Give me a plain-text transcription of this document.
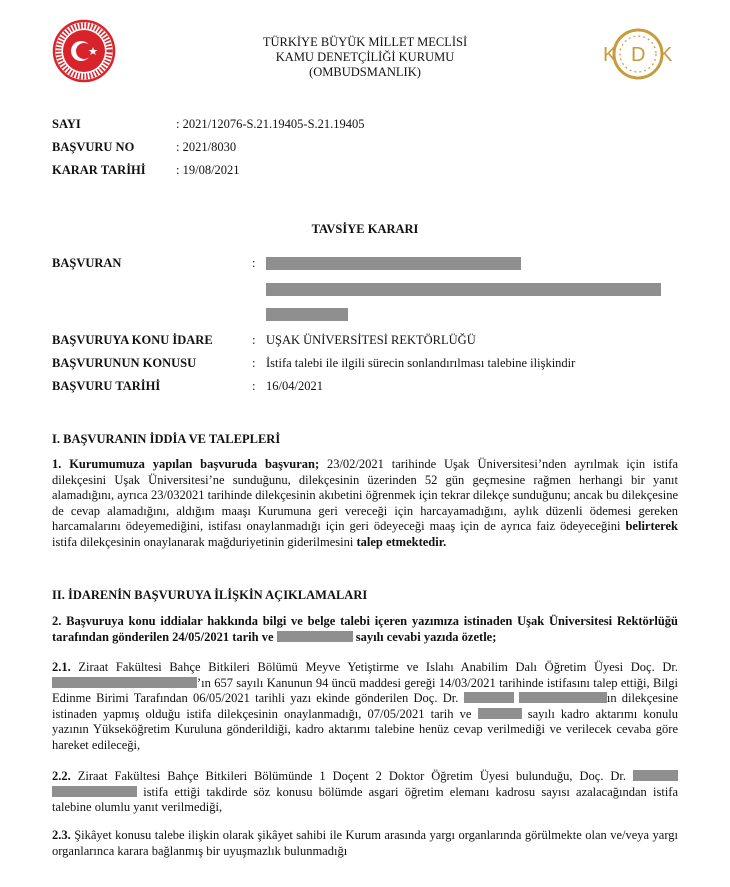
TÜRKİYE BÜYÜK MİLLET MECLİSİ
KAMU DENETÇİLİĞİ KURUMU
(OMBUDSMANLIK)
K D K
SAYI	: 2021/12076-S.21.19405-S.21.19405
BAŞVURU NO	: 2021/8030
KARAR TARİHİ : 19/08/2021
TAVSİYE KARARI
BAŞVURAN	:
BAŞVURUYA KONU İDARE	: UŞAK ÜNİVERSİTESİ REKTÖRLÜĞÜ
BAŞVURUNUN KONUSU	: İstifa talebi ile ilgili sürecin sonlandırılması talebine ilişkindir
BAŞVURU TARİHİ	: 16/04/2021
I. BAŞVURANIN İDDİA VE TALEPLERİ
1. Kurumumuza yapılan başvuruda başvuran; 23/02/2021 tarihinde Uşak Üniversitesi’nden ayrılmak için istifa dilekçesini Uşak Üniversitesi’ne sunduğunu, dilekçesinin üzerinden 52 gün geçmesine rağmen herhangi bir yanıt alamadığını, ayrıca 23/032021 tarihinde dilekçesinin akıbetini öğrenmek için tekrar dilekçe sunduğunu; ancak bu dilekçesine de cevap alamadığını, aldığım maaşı Kurumuna geri vereceği için harcayamadığını, aylık düzenli ödemesi gereken harcamalarını ödeyemediğini, istifası onaylanmadığı için geri ödeyeceği maaş için de ayrıca faiz ödeyeceğini belirterek istifa dilekçesinin onaylanarak mağduriyetinin giderilmesini talep etmektedir.
II. İDARENİN BAŞVURUYA İLİŞKİN AÇIKLAMALARI
2. Başvuruya konu iddialar hakkında bilgi ve belge talebi içeren yazımıza istinaden Uşak Üniversitesi Rektörlüğü tarafından gönderilen 24/05/2021 tarih ve	sayılı cevabi yazıda özetle;
2.1. Ziraat Fakültesi Bahçe Bitkileri Bölümü Meyve Yetiştirme ve Islahı Anabilim Dalı Öğretim Üyesi Doç. Dr. ’ın 657 sayılı Kanunun 94 üncü maddesi gereği 14/03/2021 tarihinde istifasını talep ettiği, Bilgi Edinme Birimi Tarafından 06/05/2021 tarihli yazı ekinde gönderilen Doç. Dr.	ın dilekçesine istinaden yapmış olduğu istifa dilekçesinin onaylanmadığı, 07/05/2021 tarih ve	sayılı kadro aktarımı konulu yazının Yükseköğretim Kuruluna gönderildiği, kadro aktarımı talebine henüz cevap verilmediği ve verilecek cevaba göre hareket edileceği,
2.2. Ziraat Fakültesi Bahçe Bitkileri Bölümünde 1 Doçent 2 Doktor Öğretim Üyesi bulunduğu, Doç. Dr.   istifa ettiği takdirde söz konusu bölümde asgari öğretim elemanı kadrosu sayısı azalacağından istifa talebine olumlu yanıt verilmediği,
2.3. Şikâyet konusu talebe ilişkin olarak şikâyet sahibi ile Kurum arasında yargı organlarında görülmekte olan ve/veya yargı organlarınca karara bağlanmış bir uyuşmazlık bulunmadığı
